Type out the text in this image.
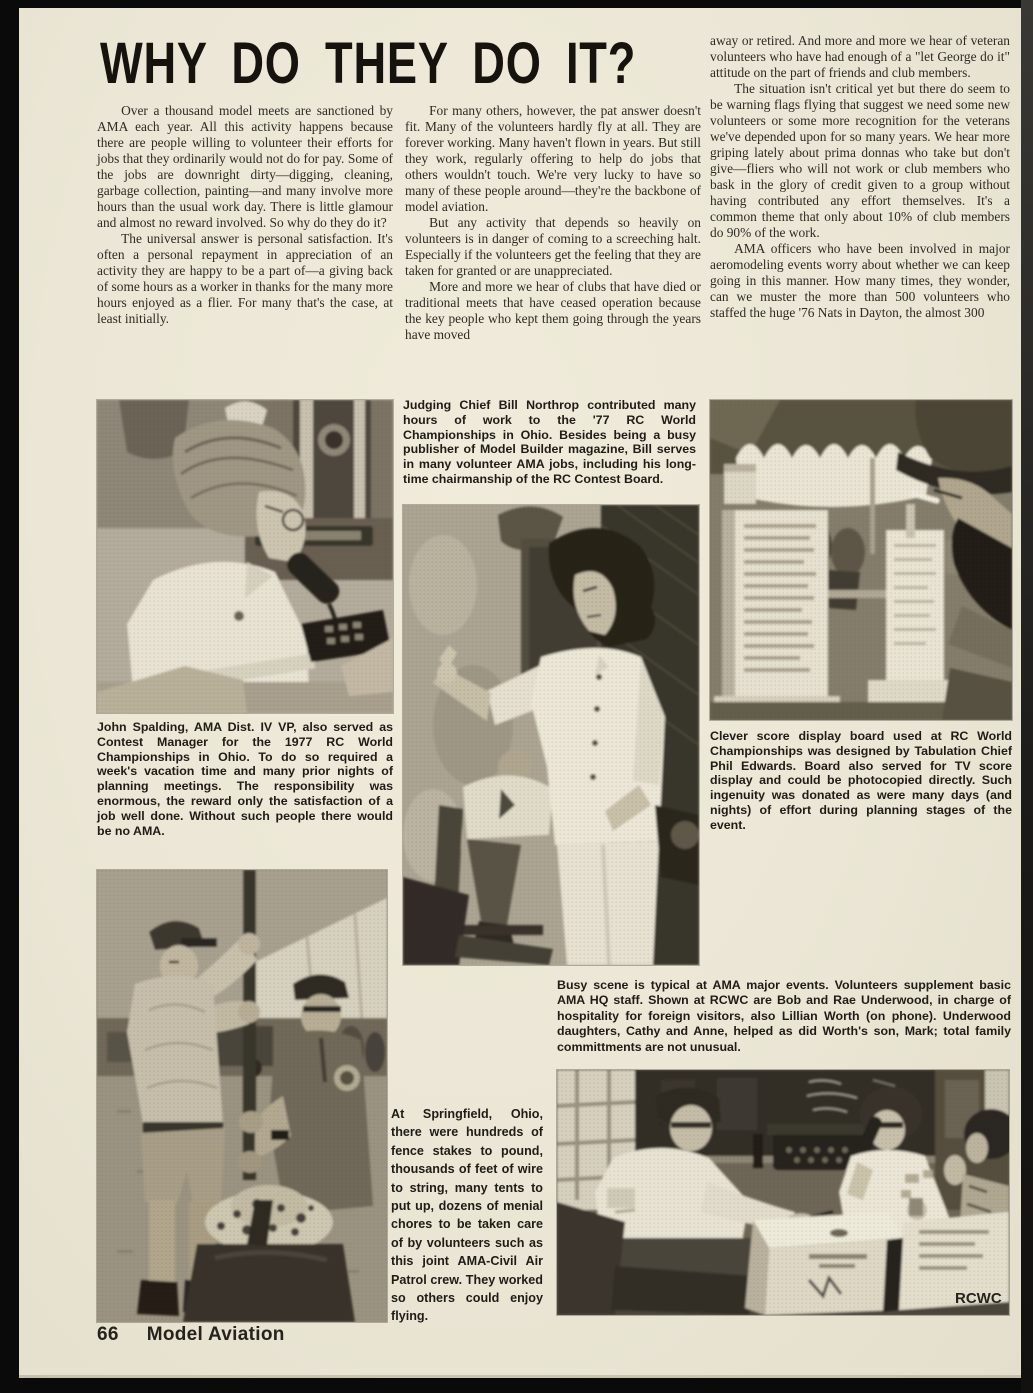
WHY DO THEY DO IT?

Over a thousand model meets are sanctioned by AMA each year. All this activity happens because there are people willing to volunteer their efforts for jobs that they ordinarily would not do for pay. Some of the jobs are downright dirty—digging, cleaning, garbage collection, painting—and many involve more hours than the usual work day. There is little glamour and almost no reward involved. So why do they do it?

The universal answer is personal satisfaction. It's often a personal repayment in appreciation of an activity they are happy to be a part of—a giving back of some hours as a worker in thanks for the many more hours enjoyed as a flier. For many that's the case, at least initially.

For many others, however, the pat answer doesn't fit. Many of the volunteers hardly fly at all. They are forever working. Many haven't flown in years. But still they work, regularly offering to help do jobs that others wouldn't touch. We're very lucky to have so many of these people around—they're the backbone of model aviation.

But any activity that depends so heavily on volunteers is in danger of coming to a screeching halt. Especially if the volunteers get the feeling that they are taken for granted or are unappreciated.

More and more we hear of clubs that have died or traditional meets that have ceased operation because the key people who kept them going through the years have moved

away or retired. And more and more we hear of veteran volunteers who have had enough of a "let George do it" attitude on the part of friends and club members.

The situation isn't critical yet but there do seem to be warning flags flying that suggest we need some new volunteers or some more recognition for the veterans we've depended upon for so many years. We hear more griping lately about prima donnas who take but don't give—fliers who will not work or club members who bask in the glory of credit given to a group without having contributed any effort themselves. It's a common theme that only about 10% of club members do 90% of the work.

AMA officers who have been involved in major aeromodeling events worry about whether we can keep going in this manner. How many times, they wonder, can we muster the more than 500 volunteers who staffed the huge '76 Nats in Dayton, the almost 300

Judging Chief Bill Northrop contributed many hours of work to the '77 RC World Championships in Ohio. Besides being a busy publisher of Model Builder magazine, Bill serves in many volunteer AMA jobs, including his long-time chairmanship of the RC Contest Board.

John Spalding, AMA Dist. IV VP, also served as Contest Manager for the 1977 RC World Championships in Ohio. To do so required a week's vacation time and many prior nights of planning meetings. The responsibility was enormous, the reward only the satisfaction of a job well done. Without such people there would be no AMA.

Clever score display board used at RC World Championships was designed by Tabulation Chief Phil Edwards. Board also served for TV score display and could be photocopied directly. Such ingenuity was donated as were many days (and nights) of effort during planning stages of the event.

Busy scene is typical at AMA major events. Volunteers supplement basic AMA HQ staff. Shown at RCWC are Bob and Rae Underwood, in charge of hospitality for foreign visitors, also Lillian Worth (on phone). Underwood daughters, Cathy and Anne, helped as did Worth's son, Mark; total family committments are not unusual.

At Springfield, Ohio, there were hundreds of fence stakes to pound, thousands of feet of wire to string, many tents to put up, dozens of menial chores to be taken care of by volunteers such as this joint AMA-Civil Air Patrol crew. They worked so others could enjoy flying.

RCWC
66 Model Aviation
